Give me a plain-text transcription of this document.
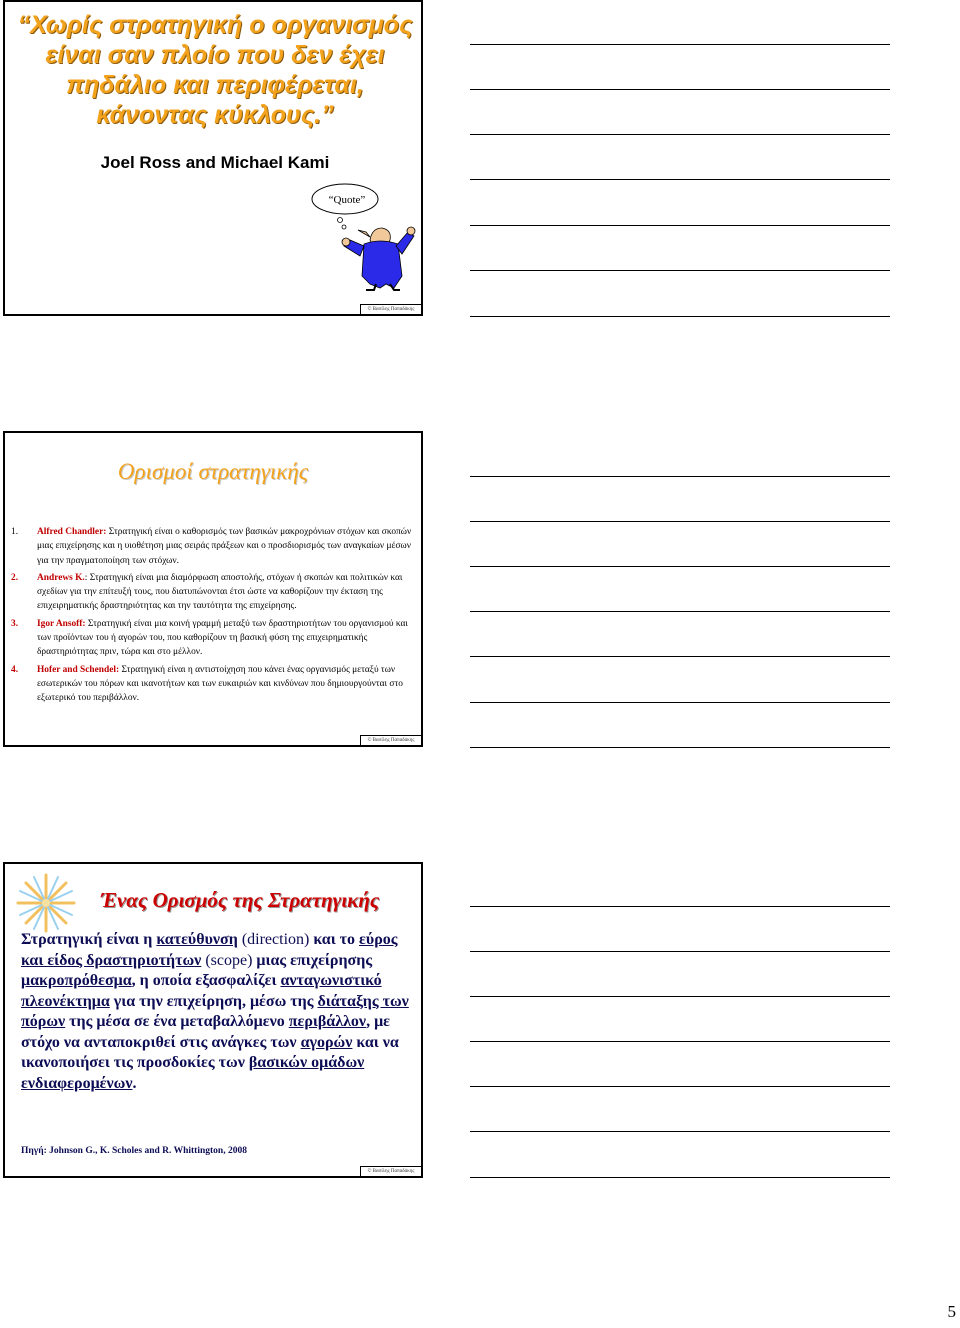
“Χωρίς στρατηγική ο οργανισμός είναι σαν πλοίο που δεν έχει πηδάλιο και περιφέρεται, κάνοντας κύκλους.”

Joel Ross and Michael Kami
“Quote”
© Βασίλης Παπαδάκης
Ορισμοί στρατηγικής
1.	Alfred Chandler: Στρατηγική είναι ο καθορισμός των βασικών μακροχρόνιων στόχων και σκοπών μιας επιχείρησης και η υιοθέτηση μιας σειράς πράξεων και ο προσδιορισμός των αναγκαίων μέσων για την πραγματοποίηση των στόχων.
2.	Andrews K.: Στρατηγική είναι μια διαμόρφωση αποστολής, στόχων ή σκοπών και πολιτικών και σχεδίων για την επίτευξή τους, που διατυπώνονται έτσι ώστε να καθορίζουν την έκταση της επιχειρηματικής δραστηριότητας και την ταυτότητα της επιχείρησης.
3.	Igor Ansoff: Στρατηγική είναι μια κοινή γραμμή μεταξύ των δραστηριοτήτων του οργανισμού και των προϊόντων του ή αγορών του, που καθορίζουν τη βασική φύση της επιχειρηματικής δραστηριότητας πριν, τώρα και στο μέλλον.
4.	Hofer and Schendel: Στρατηγική είναι η αντιστοίχηση που κάνει ένας οργανισμός μεταξύ των εσωτερικών του πόρων και ικανοτήτων και των ευκαιριών και κινδύνων που δημιουργούνται στο εξωτερικό του περιβάλλον.
© Βασίλης Παπαδάκης
Ένας Ορισμός της Στρατηγικής
Στρατηγική είναι η κατεύθυνση (direction) και το εύρος και είδος δραστηριοτήτων (scope) μιας επιχείρησης μακροπρόθεσμα, η οποία εξασφαλίζει ανταγωνιστικό πλεονέκτημα για την επιχείρηση, μέσω της διάταξης των πόρων της μέσα σε ένα μεταβαλλόμενο περιβάλλον, με στόχο να ανταποκριθεί στις ανάγκες των αγορών και να ικανοποιήσει τις προσδοκίες των βασικών ομάδων ενδιαφερομένων.
Πηγή: Johnson G., K. Scholes and R. Whittington, 2008
© Βασίλης Παπαδάκης
5
